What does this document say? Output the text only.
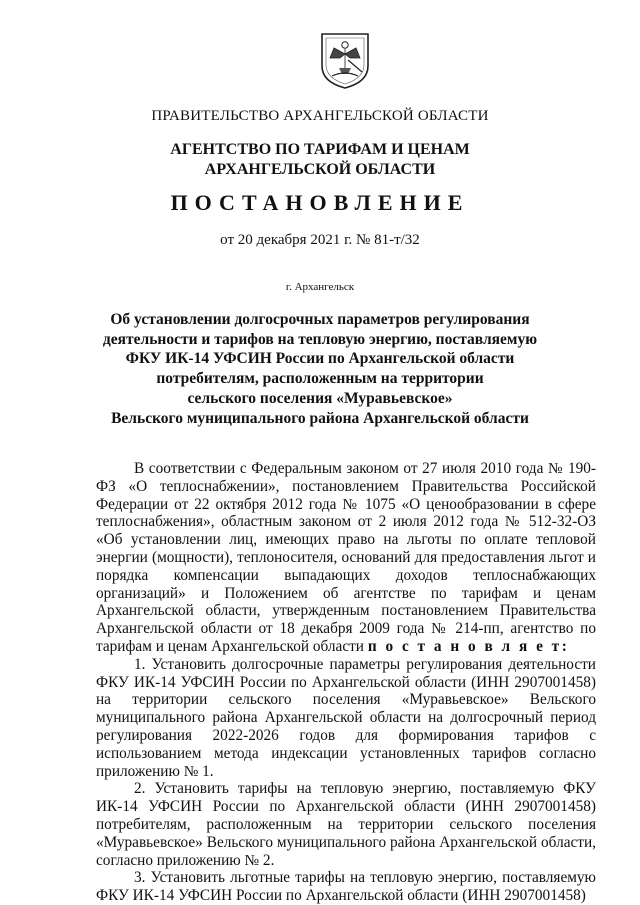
ПРАВИТЕЛЬСТВО АРХАНГЕЛЬСКОЙ ОБЛАСТИ
АГЕНТСТВО ПО ТАРИФАМ И ЦЕНАМ
АРХАНГЕЛЬСКОЙ ОБЛАСТИ
ПОСТАНОВЛЕНИЕ
от 20 декабря 2021 г. № 81-т/32
г. Архангельск
Об установлении долгосрочных параметров регулирования
деятельности и тарифов на тепловую энергию, поставляемую
ФКУ ИК-14 УФСИН России по Архангельской области
потребителям, расположенным на территории
сельского поселения «Муравьевское»
Вельского муниципального района Архангельской области

В соответствии с Федеральным законом от 27 июля 2010 года № 190-ФЗ «О теплоснабжении», постановлением Правительства Российской Федерации от 22 октября 2012 года № 1075 «О ценообразовании в сфере теплоснабжения», областным законом от 2 июля 2012 года № 512-32-ОЗ «Об установлении лиц, имеющих право на льготы по оплате тепловой энергии (мощности), теплоносителя, оснований для предоставления льгот и порядка компенсации выпадающих доходов теплоснабжающих организаций» и Положением об агентстве по тарифам и ценам Архангельской области, утвержденным постановлением Правительства Архангельской области от 18 декабря 2009 года № 214-пп, агентство по тарифам и ценам Архангельской области п о с т а н о в л я е т:

1. Установить долгосрочные параметры регулирования деятельности ФКУ ИК-14 УФСИН России по Архангельской области (ИНН 2907001458) на территории сельского поселения «Муравьевское» Вельского муниципального района Архангельской области на долгосрочный период регулирования 2022-2026 годов для формирования тарифов с использованием метода индексации установленных тарифов согласно приложению № 1.

2. Установить тарифы на тепловую энергию, поставляемую ФКУ ИК-14 УФСИН России по Архангельской области (ИНН 2907001458) потребителям, расположенным на территории сельского поселения «Муравьевское» Вельского муниципального района Архангельской области, согласно приложению № 2.

3. Установить льготные тарифы на тепловую энергию, поставляемую ФКУ ИК-14 УФСИН России по Архангельской области (ИНН 2907001458)
